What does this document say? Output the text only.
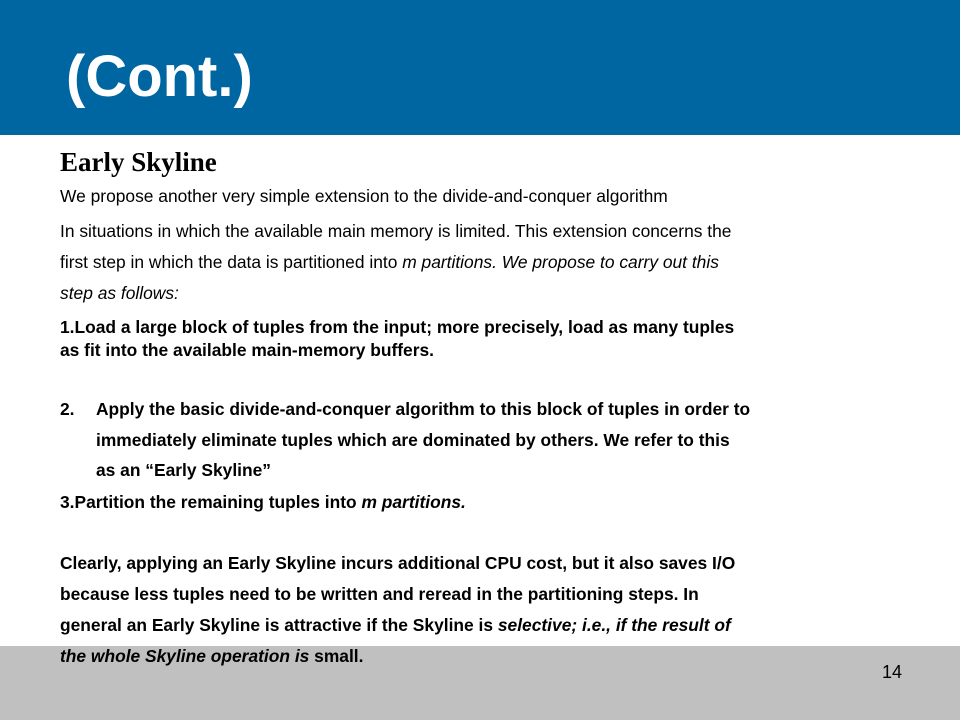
(Cont.)
Early Skyline
We propose another very simple extension to the divide-and-conquer algorithm
In situations in which the available main memory is limited. This extension concerns the
first step in which the data is partitioned into m partitions. We propose to carry out this
step as follows:
1.Load a large block of tuples from the input; more precisely, load as many tuples
as fit into the available main-memory buffers.
2. Apply the basic divide-and-conquer algorithm to this block of tuples in order to
immediately eliminate tuples which are dominated by others. We refer to this
as an “Early Skyline”
3.Partition the remaining tuples into m partitions.
Clearly, applying an Early Skyline incurs additional CPU cost, but it also saves I/O
because less tuples need to be written and reread in the partitioning steps. In
general an Early Skyline is attractive if the Skyline is selective; i.e., if the result of
the whole Skyline operation is small.
14
